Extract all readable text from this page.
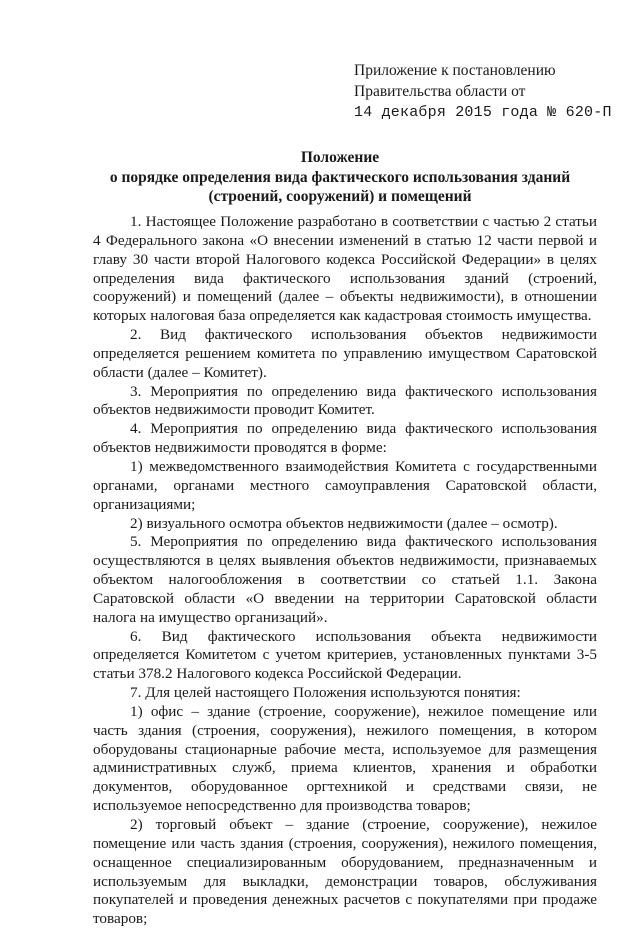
Приложение к постановлению
Правительства области от
14 декабря 2015 года № 620-П
Положение
о порядке определения вида фактического использования зданий
(строений, сооружений) и помещений

1. Настоящее Положение разработано в соответствии с частью 2 статьи 4 Федерального закона «О внесении изменений в статью 12 части первой и главу 30 части второй Налогового кодекса Российской Федерации» в целях определения вида фактического использования зданий (строений, сооружений) и помещений (далее – объекты недвижимости), в отношении которых налоговая база определяется как кадастровая стоимость имущества.

2. Вид фактического использования объектов недвижимости определяется решением комитета по управлению имуществом Саратовской области (далее – Комитет).

3. Мероприятия по определению вида фактического использования объектов недвижимости проводит Комитет.

4. Мероприятия по определению вида фактического использования объектов недвижимости проводятся в форме:

1) межведомственного взаимодействия Комитета с государственными органами, органами местного самоуправления Саратовской области, организациями;

2) визуального осмотра объектов недвижимости (далее – осмотр).

5. Мероприятия по определению вида фактического использования осуществляются в целях выявления объектов недвижимости, признаваемых объектом налогообложения в соответствии со статьей 1.1. Закона Саратовской области «О введении на территории Саратовской области налога на имущество организаций».

6. Вид фактического использования объекта недвижимости определяется Комитетом с учетом критериев, установленных пунктами 3-5 статьи 378.2 Налогового кодекса Российской Федерации.

7. Для целей настоящего Положения используются понятия:

1) офис – здание (строение, сооружение), нежилое помещение или часть здания (строения, сооружения), нежилого помещения, в котором оборудованы стационарные рабочие места, используемое для размещения административных служб, приема клиентов, хранения и обработки документов, оборудованное оргтехникой и средствами связи, не используемое непосредственно для производства товаров;

2) торговый объект – здание (строение, сооружение), нежилое помещение или часть здания (строения, сооружения), нежилого помещения, оснащенное специализированным оборудованием, предназначенным и используемым для выкладки, демонстрации товаров, обслуживания покупателей и проведения денежных расчетов с покупателями при продаже товаров;
